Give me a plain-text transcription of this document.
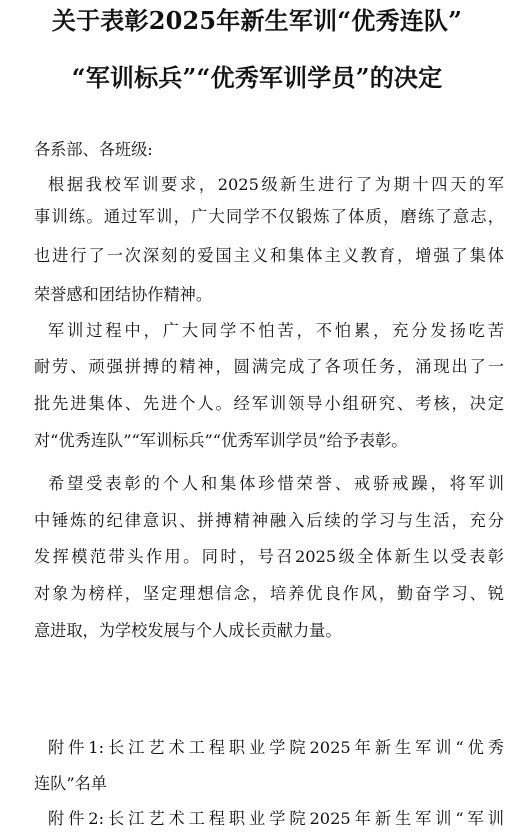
关于表彰2025年新生军训“优秀连队”
“军训标兵”“优秀军训学员”的决定
各系部、各班级:
根据我校军训要求，2025级新生进行了为期十四天的军
事训练。通过军训，广大同学不仅锻炼了体质，磨练了意志，
也进行了一次深刻的爱国主义和集体主义教育，增强了集体
荣誉感和团结协作精神。
军训过程中，广大同学不怕苦，不怕累，充分发扬吃苦
耐劳、顽强拼搏的精神，圆满完成了各项任务，涌现出了一
批先进集体、先进个人。经军训领导小组研究、考核，决定
对“优秀连队”“军训标兵”“优秀军训学员”给予表彰。
希望受表彰的个人和集体珍惜荣誉、戒骄戒躁，将军训
中锤炼的纪律意识、拼搏精神融入后续的学习与生活，充分
发挥模范带头作用。同时，号召2025级全体新生以受表彰
对象为榜样，坚定理想信念，培养优良作风，勤奋学习、锐
意进取，为学校发展与个人成长贡献力量。
附件1:长江艺术工程职业学院2025年新生军训“优秀
连队”名单
附件2:长江艺术工程职业学院2025年新生军训“军训
